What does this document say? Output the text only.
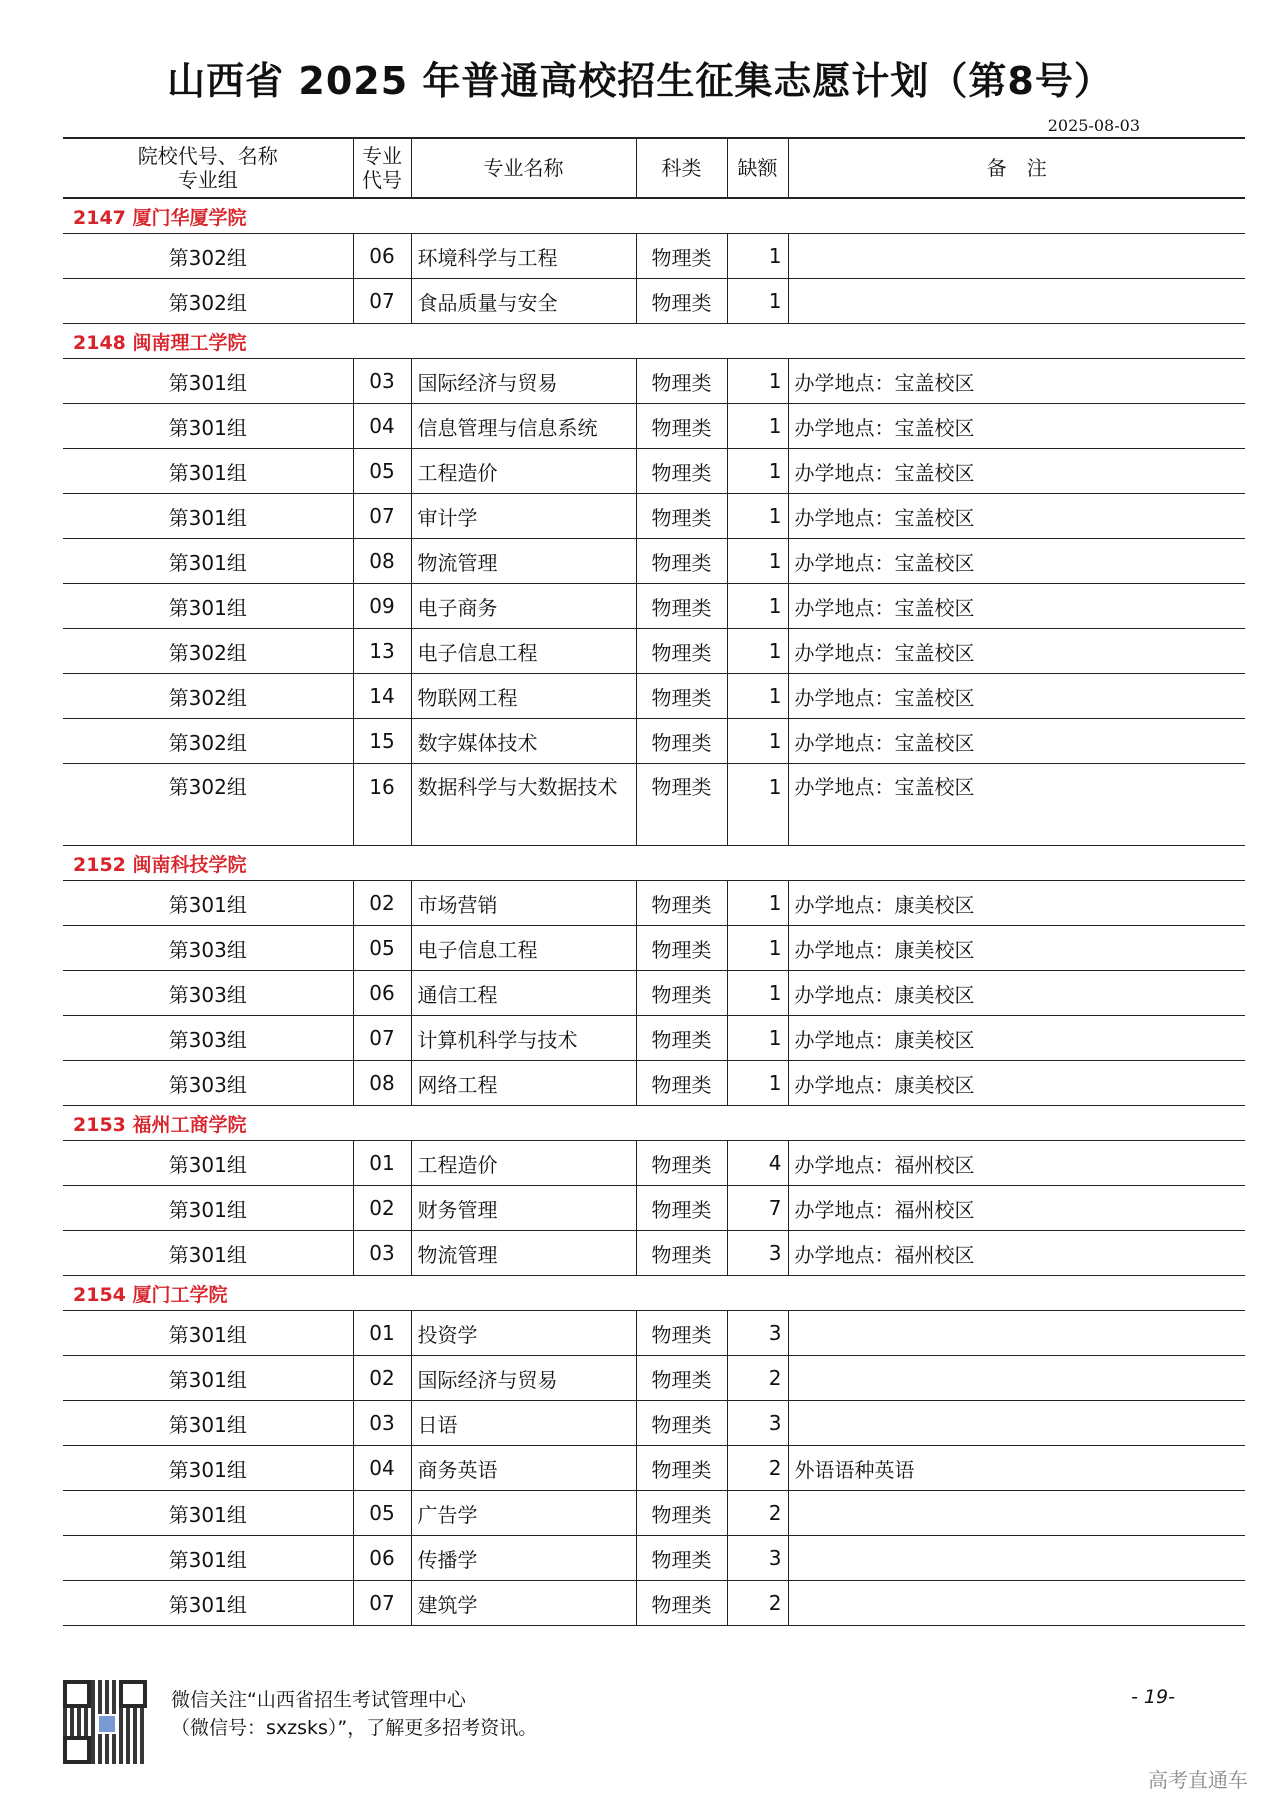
山西省 2025 年普通高校招生征集志愿计划（第8号）
2025-08-03
院校代号、名称
专业组	专业
代号	专业名称	科类	缺额	备　注
2147 厦门华厦学院					
第302组	06	环境科学与工程	物理类	1	
第302组	07	食品质量与安全	物理类	1	
2148 闽南理工学院					
第301组	03	国际经济与贸易	物理类	1	办学地点：宝盖校区
第301组	04	信息管理与信息系统	物理类	1	办学地点：宝盖校区
第301组	05	工程造价	物理类	1	办学地点：宝盖校区
第301组	07	审计学	物理类	1	办学地点：宝盖校区
第301组	08	物流管理	物理类	1	办学地点：宝盖校区
第301组	09	电子商务	物理类	1	办学地点：宝盖校区
第302组	13	电子信息工程	物理类	1	办学地点：宝盖校区
第302组	14	物联网工程	物理类	1	办学地点：宝盖校区
第302组	15	数字媒体技术	物理类	1	办学地点：宝盖校区
第302组	16	数据科学与大数据技术	物理类	1	办学地点：宝盖校区
2152 闽南科技学院					
第301组	02	市场营销	物理类	1	办学地点：康美校区
第303组	05	电子信息工程	物理类	1	办学地点：康美校区
第303组	06	通信工程	物理类	1	办学地点：康美校区
第303组	07	计算机科学与技术	物理类	1	办学地点：康美校区
第303组	08	网络工程	物理类	1	办学地点：康美校区
2153 福州工商学院					
第301组	01	工程造价	物理类	4	办学地点：福州校区
第301组	02	财务管理	物理类	7	办学地点：福州校区
第301组	03	物流管理	物理类	3	办学地点：福州校区
2154 厦门工学院					
第301组	01	投资学	物理类	3	
第301组	02	国际经济与贸易	物理类	2	
第301组	03	日语	物理类	3	
第301组	04	商务英语	物理类	2	外语语种英语
第301组	05	广告学	物理类	2	
第301组	06	传播学	物理类	3	
第301组	07	建筑学	物理类	2	
微信关注“山西省招生考试管理中心
（微信号：sxzsks）”，了解更多招考资讯。
- 19-
高考直通车
